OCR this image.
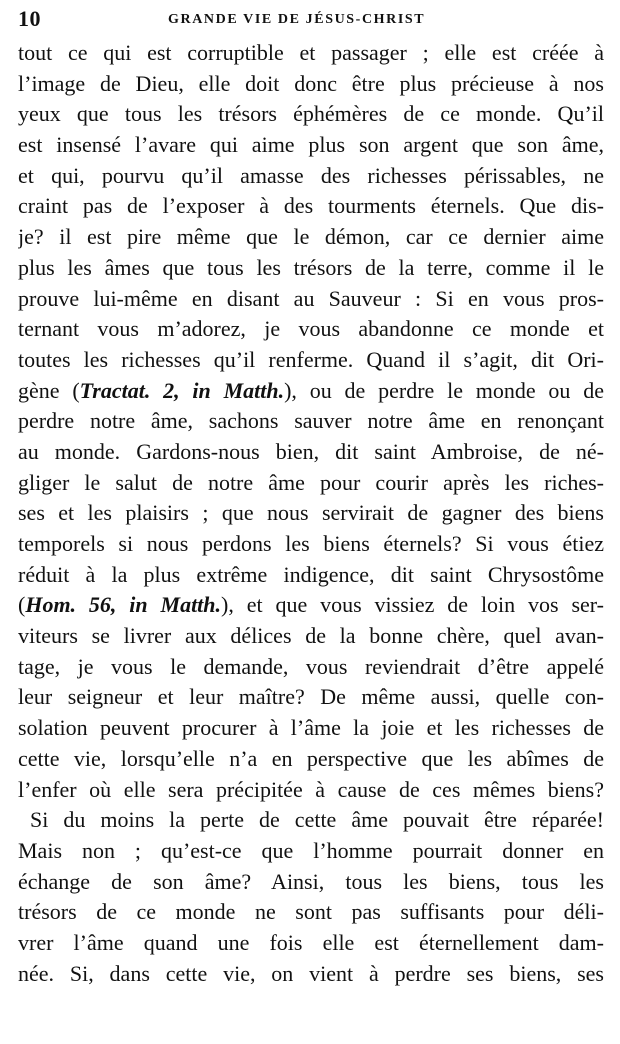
10	GRANDE VIE DE JÉSUS-CHRIST
tout ce qui est corruptible et passager ; elle est créée à
l’image de Dieu, elle doit donc être plus précieuse à nos
yeux que tous les trésors éphémères de ce monde. Qu’il
est insensé l’avare qui aime plus son argent que son âme,
et qui, pourvu qu’il amasse des richesses périssables, ne
craint pas de l’exposer à des tourments éternels. Que dis-
je? il est pire même que le démon, car ce dernier aime
plus les âmes que tous les trésors de la terre, comme il le
prouve lui-même en disant au Sauveur : Si en vous pros-
ternant vous m’adorez, je vous abandonne ce monde et
toutes les richesses qu’il renferme. Quand il s’agit, dit Ori-
gène (Tractat. 2, in Matth.), ou de perdre le monde ou de
perdre notre âme, sachons sauver notre âme en renonçant
au monde. Gardons-nous bien, dit saint Ambroise, de né-
gliger le salut de notre âme pour courir après les riches-
ses et les plaisirs ; que nous servirait de gagner des biens
temporels si nous perdons les biens éternels? Si vous étiez
réduit à la plus extrême indigence, dit saint Chrysostôme
(Hom. 56, in Matth.), et que vous vissiez de loin vos ser-
viteurs se livrer aux délices de la bonne chère, quel avan-
tage, je vous le demande, vous reviendrait d’être appelé
leur seigneur et leur maître? De même aussi, quelle con-
solation peuvent procurer à l’âme la joie et les richesses de
cette vie, lorsqu’elle n’a en perspective que les abîmes de
l’enfer où elle sera précipitée à cause de ces mêmes biens?
Si du moins la perte de cette âme pouvait être réparée!
Mais non ; qu’est-ce que l’homme pourrait donner en
échange de son âme? Ainsi, tous les biens, tous les
trésors de ce monde ne sont pas suffisants pour déli-
vrer l’âme quand une fois elle est éternellement dam-
née. Si, dans cette vie, on vient à perdre ses biens, ses
